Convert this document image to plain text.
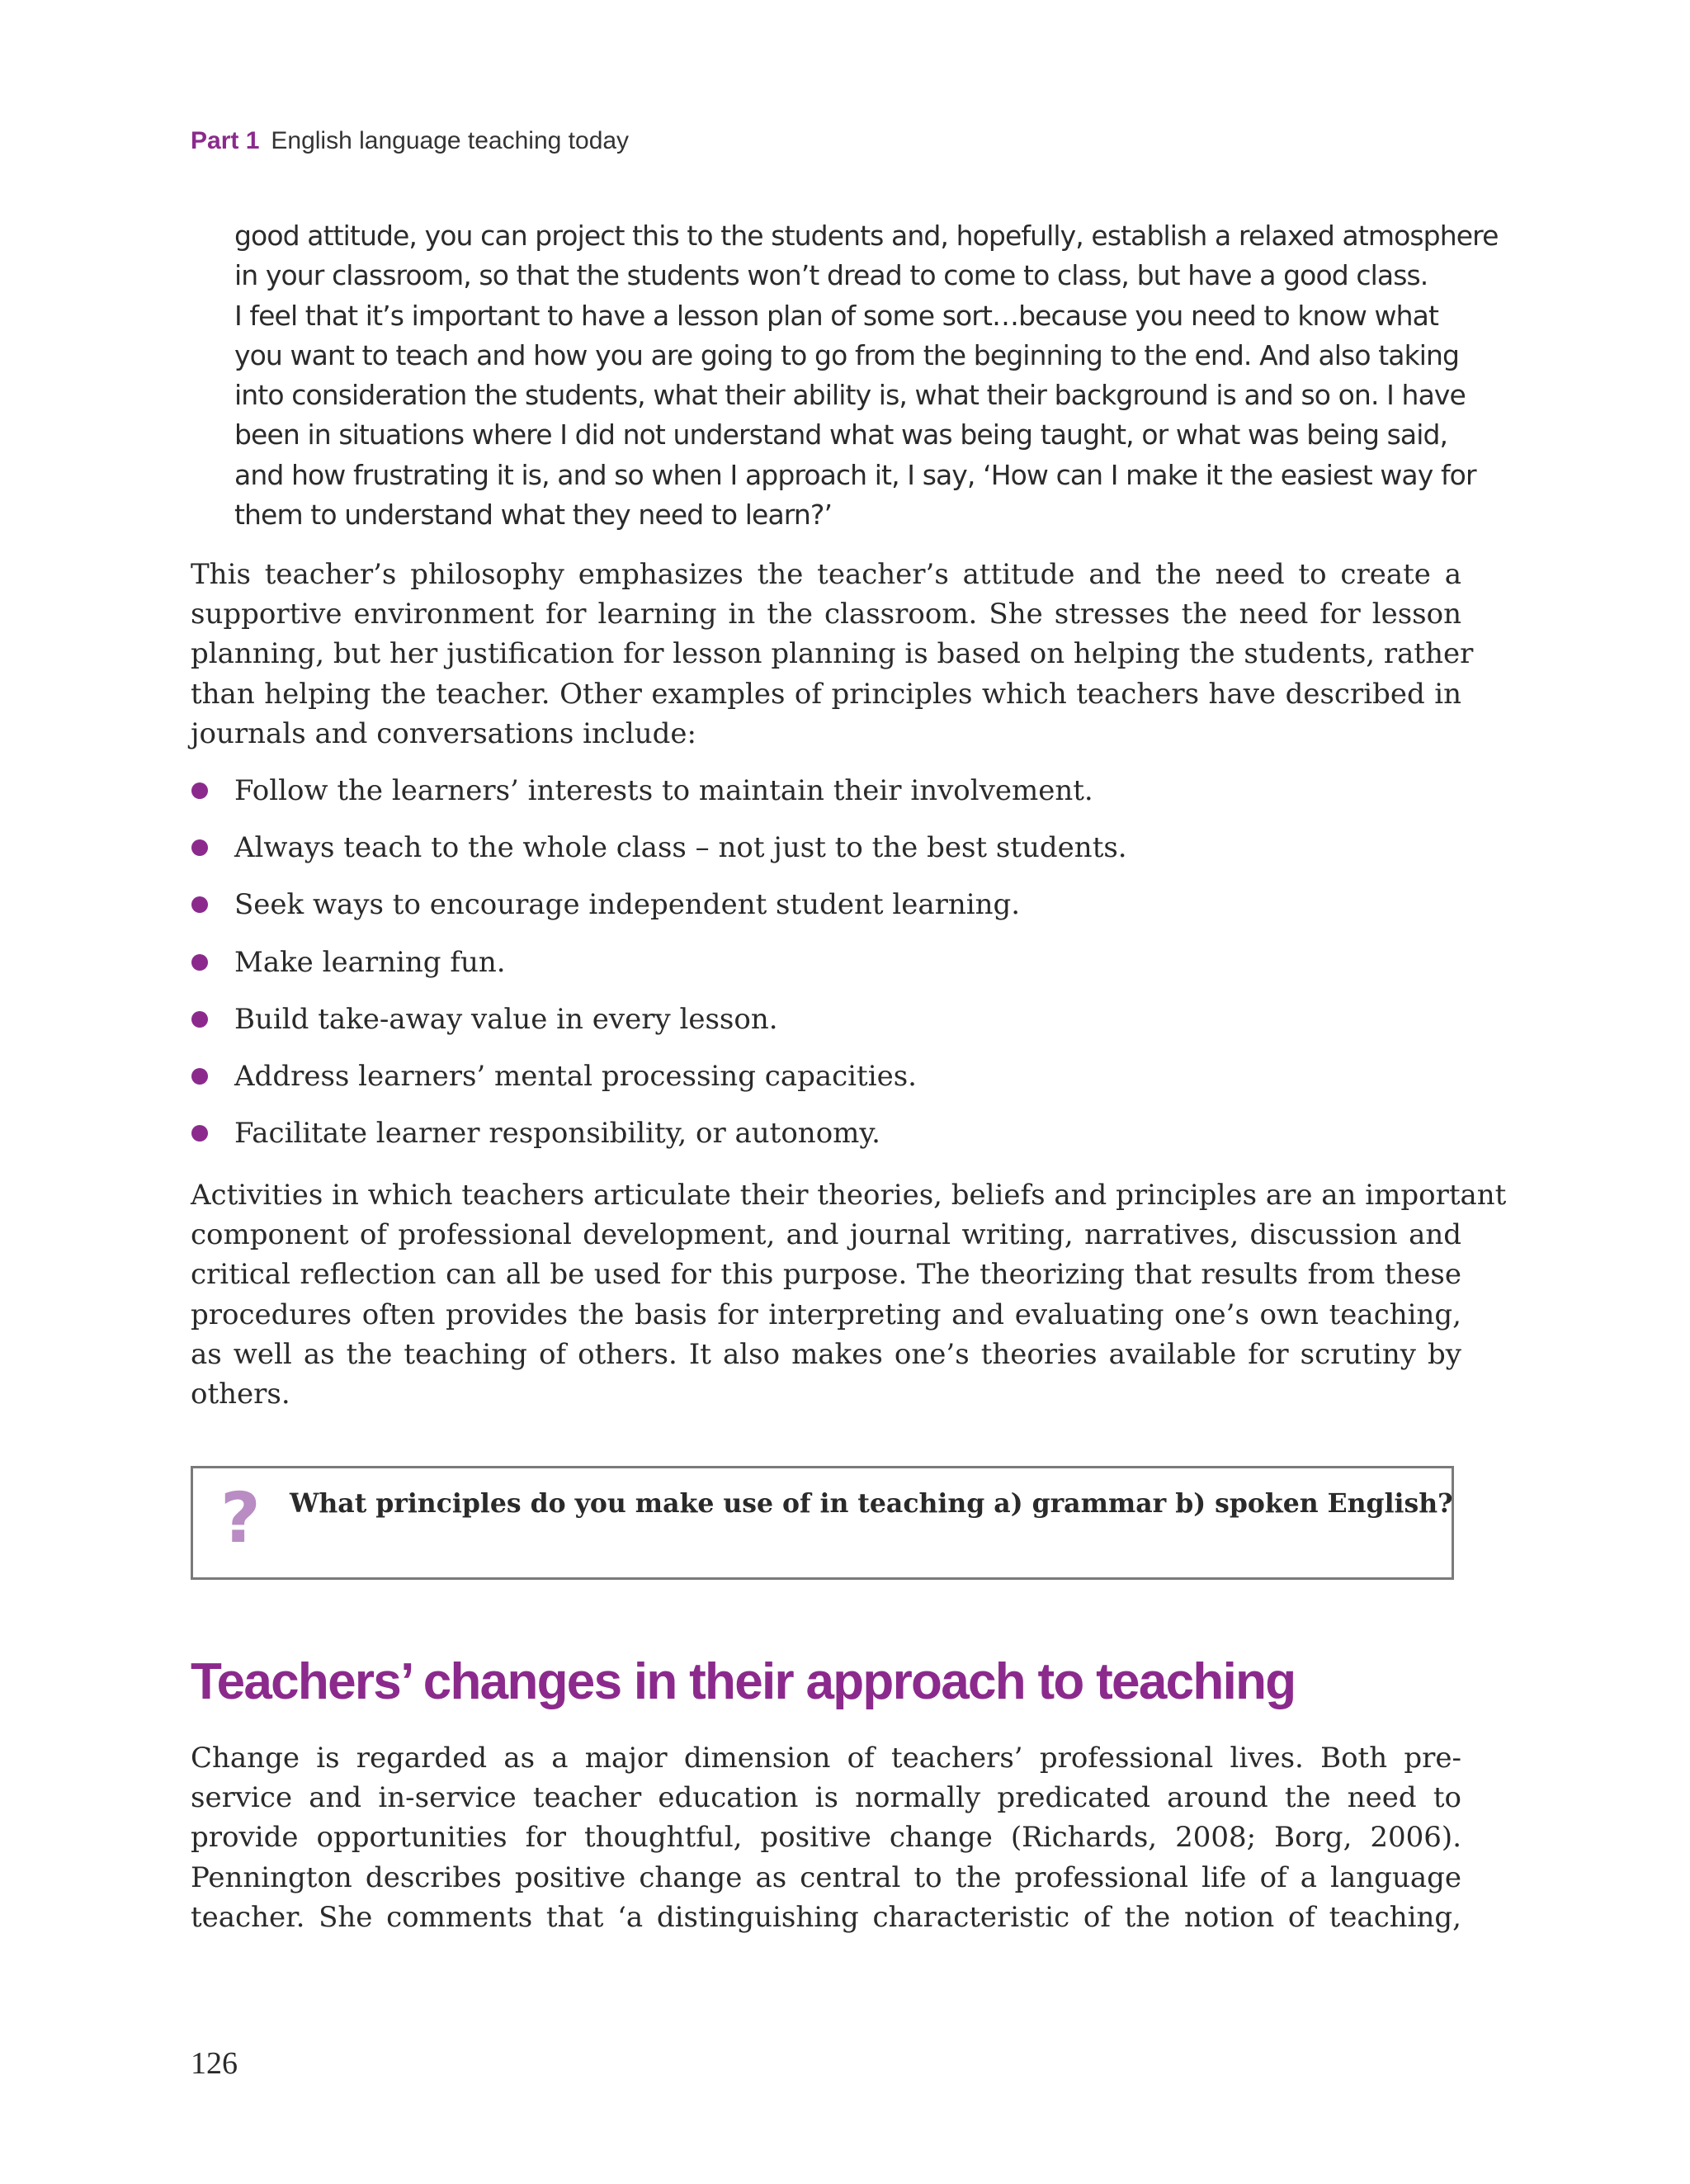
Part 1 English language teaching today
good attitude, you can project this to the students and, hopefully, establish a relaxed atmosphere
in your classroom, so that the students won’t dread to come to class, but have a good class.
I feel that it’s important to have a lesson plan of some sort…because you need to know what
you want to teach and how you are going to go from the beginning to the end. And also taking
into consideration the students, what their ability is, what their background is and so on. I have
been in situations where I did not understand what was being taught, or what was being said,
and how frustrating it is, and so when I approach it, I say, ‘How can I make it the easiest way for
them to understand what they need to learn?’
This teacher’s philosophy emphasizes the teacher’s attitude and the need to create a
supportive environment for learning in the classroom. She stresses the need for lesson
planning, but her justification for lesson planning is based on helping the students, rather
than helping the teacher. Other examples of principles which teachers have described in
journals and conversations include:
Follow the learners’ interests to maintain their involvement.
Always teach to the whole class – not just to the best students.
Seek ways to encourage independent student learning.
Make learning fun.
Build take-away value in every lesson.
Address learners’ mental processing capacities.
Facilitate learner responsibility, or autonomy.
Activities in which teachers articulate their theories, beliefs and principles are an important
component of professional development, and journal writing, narratives, discussion and
critical reflection can all be used for this purpose. The theorizing that results from these
procedures often provides the basis for interpreting and evaluating one’s own teaching,
as well as the teaching of others. It also makes one’s theories available for scrutiny by
others.
? What principles do you make use of in teaching a) grammar b) spoken English?
Teachers’ changes in their approach to teaching
Change is regarded as a major dimension of teachers’ professional lives. Both pre-
service and in-service teacher education is normally predicated around the need to
provide opportunities for thoughtful, positive change (Richards, 2008; Borg, 2006).
Pennington describes positive change as central to the professional life of a language
teacher. She comments that ‘a distinguishing characteristic of the notion of teaching,
126
